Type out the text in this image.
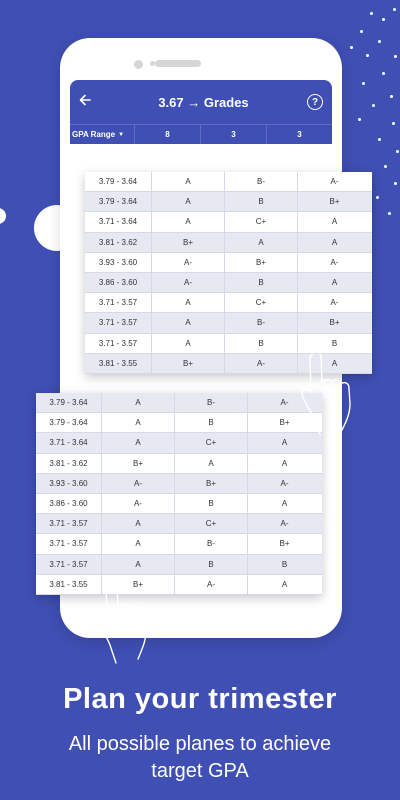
3.67 → Grades	?
GPA Range ▼	8	3	3
3.79 - 3.64	A	B-	A-
3.79 - 3.64	A	B	B+
3.71 - 3.64	A	C+	A
3.81 - 3.62	B+	A	A
3.93 - 3.60	A-	B+	A-
3.86 - 3.60	A-	B	A
3.71 - 3.57	A	C+	A-
3.71 - 3.57	A	B-	B+
3.71 - 3.57	A	B	B
3.81 - 3.55	B+	A-	A
3.79 - 3.64	A	B-	A-
3.79 - 3.64	A	B	B+
3.71 - 3.64	A	C+	A
3.81 - 3.62	B+	A	A
3.93 - 3.60	A-	B+	A-
3.86 - 3.60	A-	B	A
3.71 - 3.57	A	C+	A-
3.71 - 3.57	A	B-	B+
3.71 - 3.57	A	B	B
3.81 - 3.55	B+	A-	A
Plan your trimester
All possible planes to achieve
target GPA
